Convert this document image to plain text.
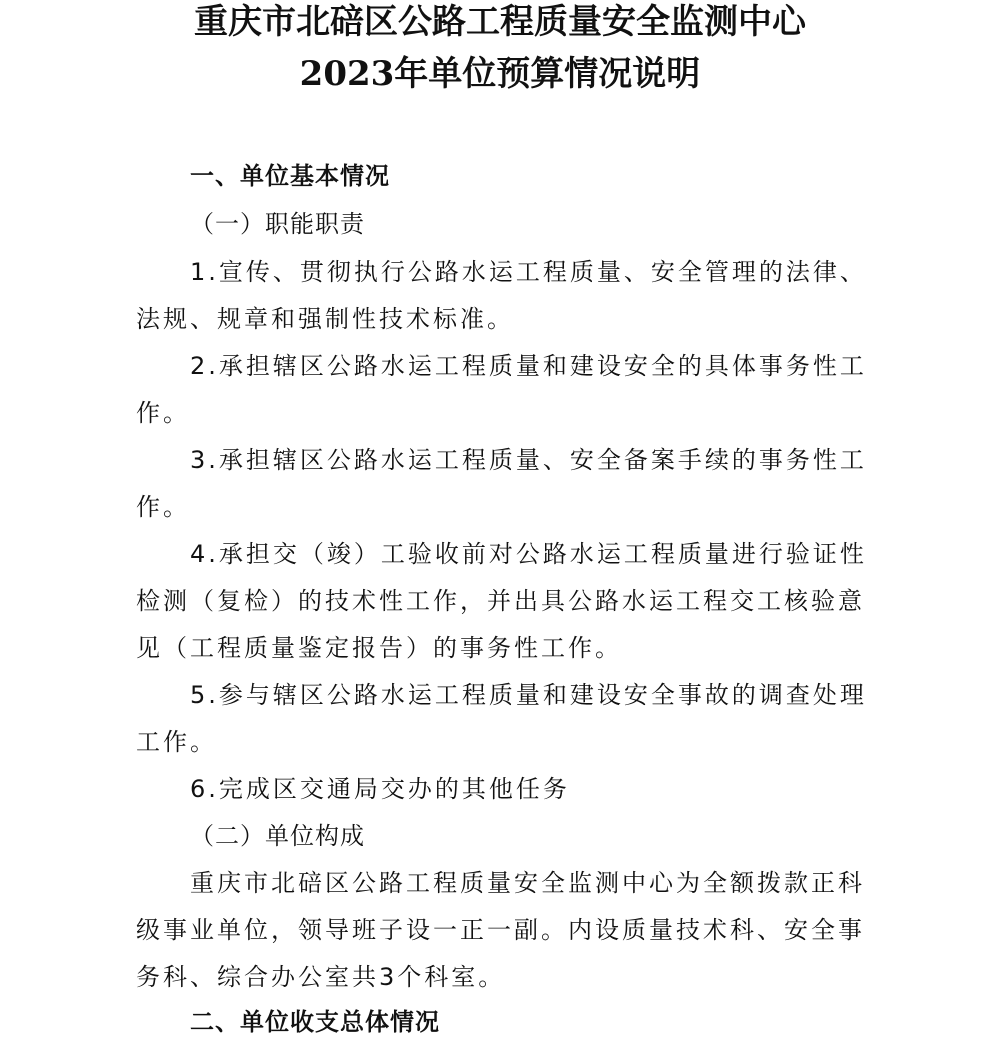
重庆市北碚区公路工程质量安全监测中心
2023年单位预算情况说明
一、单位基本情况
（一）职能职责
1.宣传、贯彻执行公路水运工程质量、安全管理的法律、
法规、规章和强制性技术标准。
2.承担辖区公路水运工程质量和建设安全的具体事务性工
作。
3.承担辖区公路水运工程质量、安全备案手续的事务性工
作。
4.承担交（竣）工验收前对公路水运工程质量进行验证性
检测（复检）的技术性工作，并出具公路水运工程交工核验意
见（工程质量鉴定报告）的事务性工作。
5.参与辖区公路水运工程质量和建设安全事故的调查处理
工作。
6.完成区交通局交办的其他任务
（二）单位构成
重庆市北碚区公路工程质量安全监测中心为全额拨款正科
级事业单位，领导班子设一正一副。内设质量技术科、安全事
务科、综合办公室共3个科室。
二、单位收支总体情况
